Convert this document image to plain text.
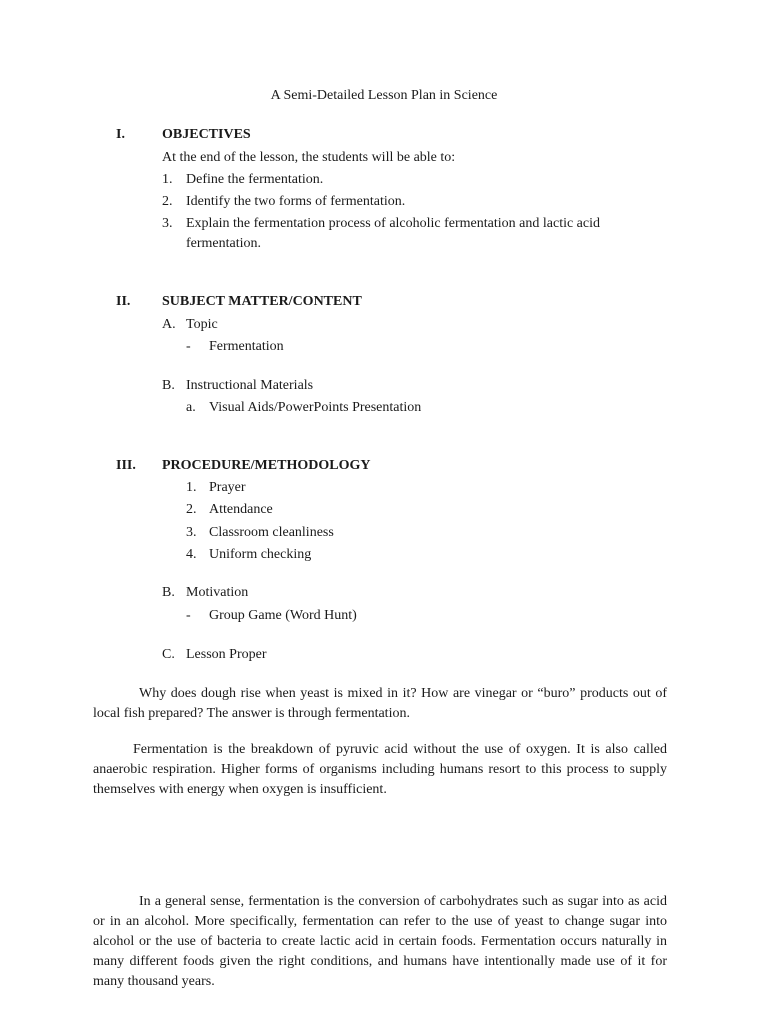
A Semi-Detailed Lesson Plan in Science
I.	OBJECTIVES
At the end of the lesson, the students will be able to:
1. Define the fermentation.
2. Identify the two forms of fermentation.
3. Explain the fermentation process of alcoholic fermentation and lactic acid
fermentation.
II. SUBJECT MATTER/CONTENT
A. Topic
- Fermentation
B. Instructional Materials
a. Visual Aids/PowerPoints Presentation
III. PROCEDURE/METHODOLOGY
1. Prayer
2. Attendance
3. Classroom cleanliness
4. Uniform checking
B. Motivation
- Group Game (Word Hunt)
C. Lesson Proper

Why does dough rise when yeast is mixed in it? How are vinegar or “buro” products out of local fish prepared? The answer is through fermentation.

Fermentation is the breakdown of pyruvic acid without the use of oxygen. It is also called anaerobic respiration. Higher forms of organisms including humans resort to this process to supply themselves with energy when oxygen is insufficient.

In a general sense, fermentation is the conversion of carbohydrates such as sugar into as acid or in an alcohol. More specifically, fermentation can refer to the use of yeast to change sugar into alcohol or the use of bacteria to create lactic acid in certain foods. Fermentation occurs naturally in many different foods given the right conditions, and humans have intentionally made use of it for many thousand years.
